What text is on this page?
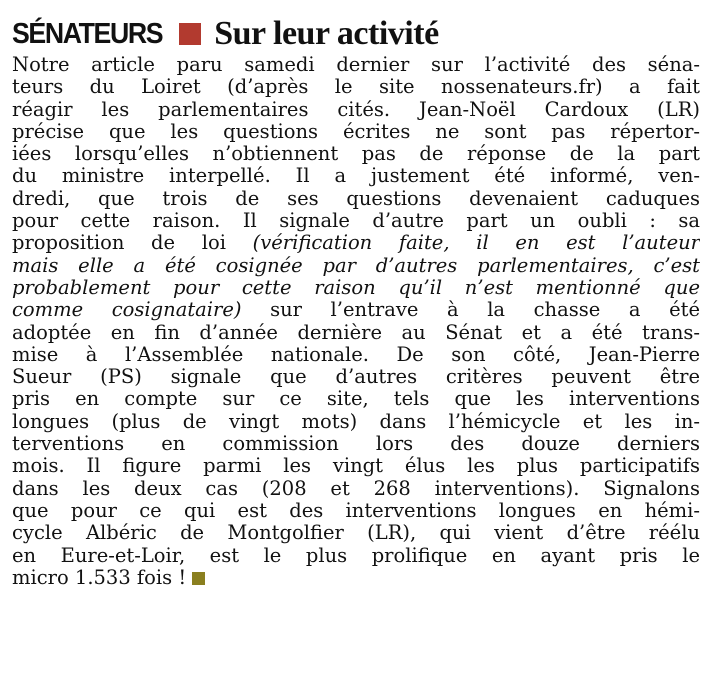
SÉNATEURS Sur leur activité
Notre article paru samedi dernier sur l’activité des séna-
teurs du Loiret (d’après le site nossenateurs.fr) a fait
réagir les parlementaires cités. Jean-Noël Cardoux (LR)
précise que les questions écrites ne sont pas répertor-
iées lorsqu’elles n’obtiennent pas de réponse de la part
du ministre interpellé. Il a justement été informé, ven-
dredi, que trois de ses questions devenaient caduques
pour cette raison. Il signale d’autre part un oubli : sa
proposition de loi (vérification faite, il en est l’auteur
mais elle a été cosignée par d’autres parlementaires, c’est
probablement pour cette raison qu’il n’est mentionné que
comme cosignataire) sur l’entrave à la chasse a été
adoptée en fin d’année dernière au Sénat et a été trans-
mise à l’Assemblée nationale. De son côté, Jean-Pierre
Sueur (PS) signale que d’autres critères peuvent être
pris en compte sur ce site, tels que les interventions
longues (plus de vingt mots) dans l’hémicycle et les in-
terventions en commission lors des douze derniers
mois. Il figure parmi les vingt élus les plus participatifs
dans les deux cas (208 et 268 interventions). Signalons
que pour ce qui est des interventions longues en hémi-
cycle Albéric de Montgolfier (LR), qui vient d’être réélu
en Eure-et-Loir, est le plus prolifique en ayant pris le
micro 1.533 fois !
